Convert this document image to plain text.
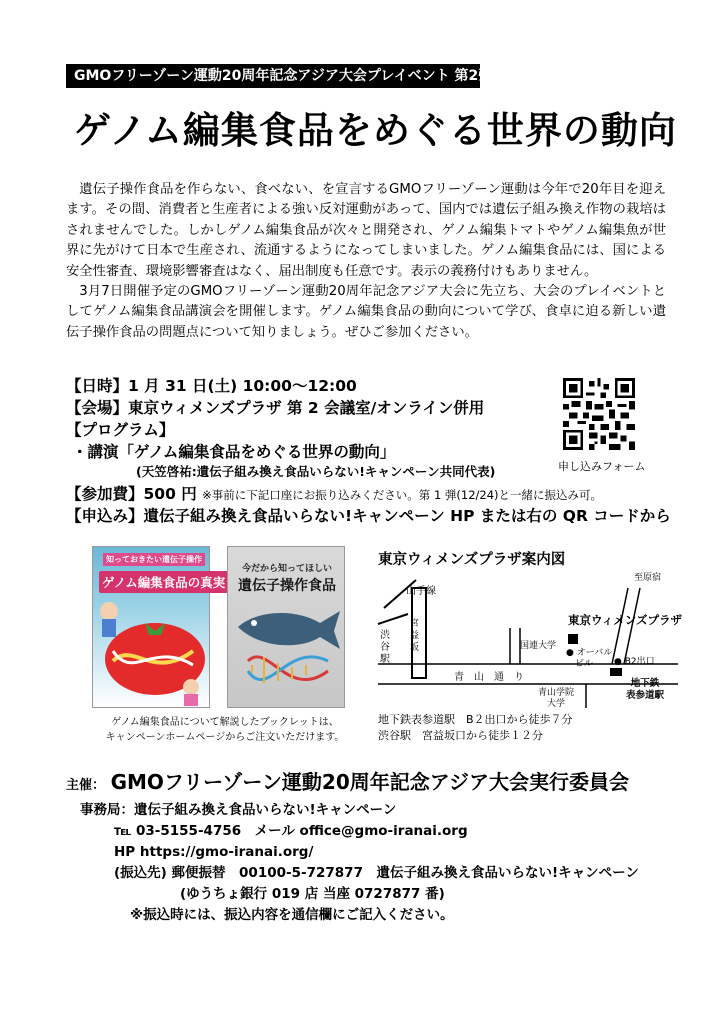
GMOフリーゾーン運動20周年記念アジア大会プレイベント 第2弾
ゲノム編集食品をめぐる世界の動向

遺伝子操作食品を作らない、食べない、を宣言するGMOフリーゾーン運動は今年で20年目を迎えます。その間、消費者と生産者による強い反対運動があって、国内では遺伝子組み換え作物の栽培はされませんでした。しかしゲノム編集食品が次々と開発され、ゲノム編集トマトやゲノム編集魚が世界に先がけて日本で生産され、流通するようになってしまいました。ゲノム編集食品には、国による安全性審査、環境影響審査はなく、届出制度も任意です。表示の義務付けもありません。

3月7日開催予定のGMOフリーゾーン運動20周年記念アジア大会に先立ち、大会のプレイベントとしてゲノム編集食品講演会を開催します。ゲノム編集食品の動向について学び、食卓に迫る新しい遺伝子操作食品の問題点について知りましょう。ぜひご参加ください。

【日時】1 月 31 日(土) 10:00～12:00
【会場】東京ウィメンズプラザ 第 2 会議室/オンライン併用
【プログラム】
・講演「ゲノム編集食品をめぐる世界の動向」
(天笠啓祐:遺伝子組み換え食品いらない!キャンペーン共同代表)
【参加費】500 円 ※事前に下記口座にお振り込みください。第 1 弾(12/24)と一緒に振込み可。
【申込み】遺伝子組み換え食品いらない!キャンペーン HP または右の QR コードから
申し込みフォーム
知っておきたい遺伝子操作
ゲノム編集食品の真実
今だから知ってほしい
遺伝子操作食品
ゲノム編集食品について解説したブックレットは、
キャンペーンホームページからご注文いただけます。
東京ウィメンズプラザ案内図
山手線
渋
谷
駅
宮
益
坂
青　山　通　り
国連大学
東京ウィメンズプラザ
● オーバル
　ビル	● B2出口
青山学院
大学
地下鉄
表参道駅
至原宿
地下鉄表参道駅　B２出口から徒歩７分
渋谷駅　宮益坂口から徒歩１２分
主催： GMOフリーゾーン運動20周年記念アジア大会実行委員会
事務局：遺伝子組み換え食品いらない!キャンペーン
℡ 03-5155-4756　メール office@gmo-iranai.org
HP https://gmo-iranai.org/
(振込先) 郵便振替　00100-5-727877　遺伝子組み換え食品いらない!キャンペーン
(ゆうちょ銀行 019 店 当座 0727877 番)
※振込時には、振込内容を通信欄にご記入ください。
